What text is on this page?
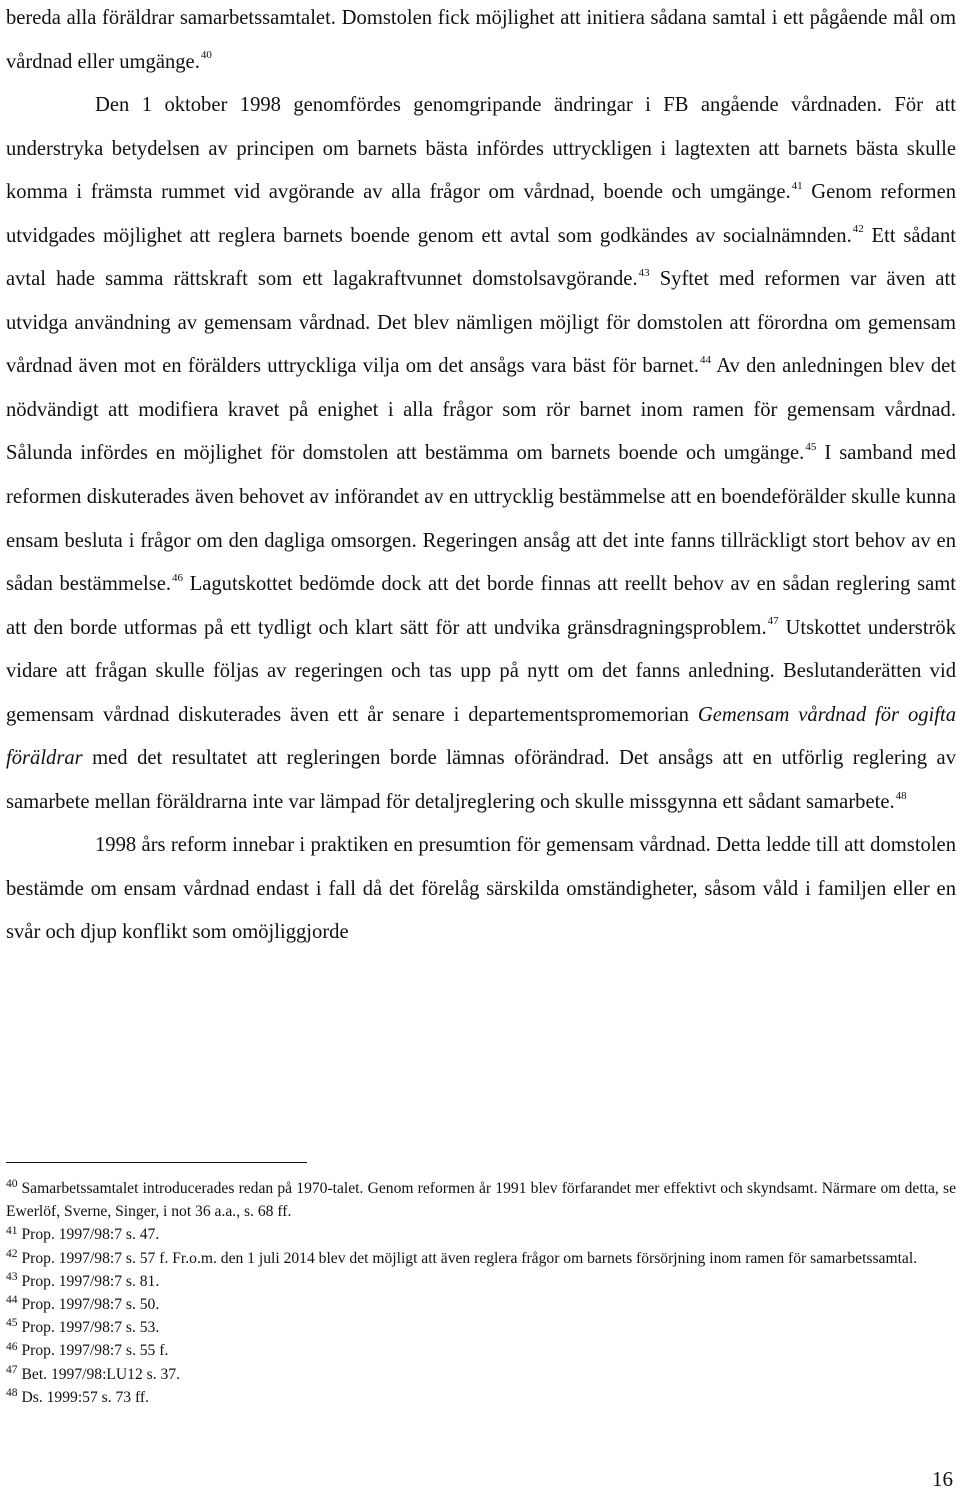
bereda alla föräldrar samarbetssamtalet. Domstolen fick möjlighet att initiera sådana samtal i ett pågående mål om vårdnad eller umgänge.$^{40}$

Den 1 oktober 1998 genomfördes genomgripande ändringar i FB angående vårdnaden. För att understryka betydelsen av principen om barnets bästa infördes uttryckligen i lagtexten att barnets bästa skulle komma i främsta rummet vid avgörande av alla frågor om vårdnad, boende och umgänge.$^{41}$ Genom reformen utvidgades möjlighet att reglera barnets boende genom ett avtal som godkändes av socialnämnden.$^{42}$ Ett sådant avtal hade samma rättskraft som ett lagakraftvunnet domstolsavgörande.$^{43}$ Syftet med reformen var även att utvidga användning av gemensam vårdnad. Det blev nämligen möjligt för domstolen att förordna om gemensam vårdnad även mot en förälders uttryckliga vilja om det ansågs vara bäst för barnet.$^{44}$ Av den anledningen blev det nödvändigt att modifiera kravet på enighet i alla frågor som rör barnet inom ramen för gemensam vårdnad. Sålunda infördes en möjlighet för domstolen att bestämma om barnets boende och umgänge.$^{45}$ I samband med reformen diskuterades även behovet av införandet av en uttrycklig bestämmelse att en boendeförälder skulle kunna ensam besluta i frågor om den dagliga omsorgen. Regeringen ansåg att det inte fanns tillräckligt stort behov av en sådan bestämmelse.$^{46}$ Lagutskottet bedömde dock att det borde finnas att reellt behov av en sådan reglering samt att den borde utformas på ett tydligt och klart sätt för att undvika gränsdragningsproblem.$^{47}$ Utskottet underströk vidare att frågan skulle följas av regeringen och tas upp på nytt om det fanns anledning. Beslutanderätten vid gemensam vårdnad diskuterades även ett år senare i departementspromemorian Gemensam vårdnad för ogifta föräldrar med det resultatet att regleringen borde lämnas oförändrad. Det ansågs att en utförlig reglering av samarbete mellan föräldrarna inte var lämpad för detaljreglering och skulle missgynna ett sådant samarbete.$^{48}$

1998 års reform innebar i praktiken en presumtion för gemensam vårdnad. Detta ledde till att domstolen bestämde om ensam vårdnad endast i fall då det förelåg särskilda omständigheter, såsom våld i familjen eller en svår och djup konflikt som omöjliggjorde

$^{40}$ Samarbetssamtalet introducerades redan på 1970-talet. Genom reformen år 1991 blev förfarandet mer effektivt och skyndsamt. Närmare om detta, se Ewerlöf, Sverne, Singer, i not 36 a.a., s. 68 ff.
$^{41}$ Prop. 1997/98:7 s. 47.
$^{42}$ Prop. 1997/98:7 s. 57 f. Fr.o.m. den 1 juli 2014 blev det möjligt att även reglera frågor om barnets försörjning inom ramen för samarbetssamtal.
$^{43}$ Prop. 1997/98:7 s. 81.
$^{44}$ Prop. 1997/98:7 s. 50.
$^{45}$ Prop. 1997/98:7 s. 53.
$^{46}$ Prop. 1997/98:7 s. 55 f.
$^{47}$ Bet. 1997/98:LU12 s. 37.
$^{48}$ Ds. 1999:57 s. 73 ff.
16
